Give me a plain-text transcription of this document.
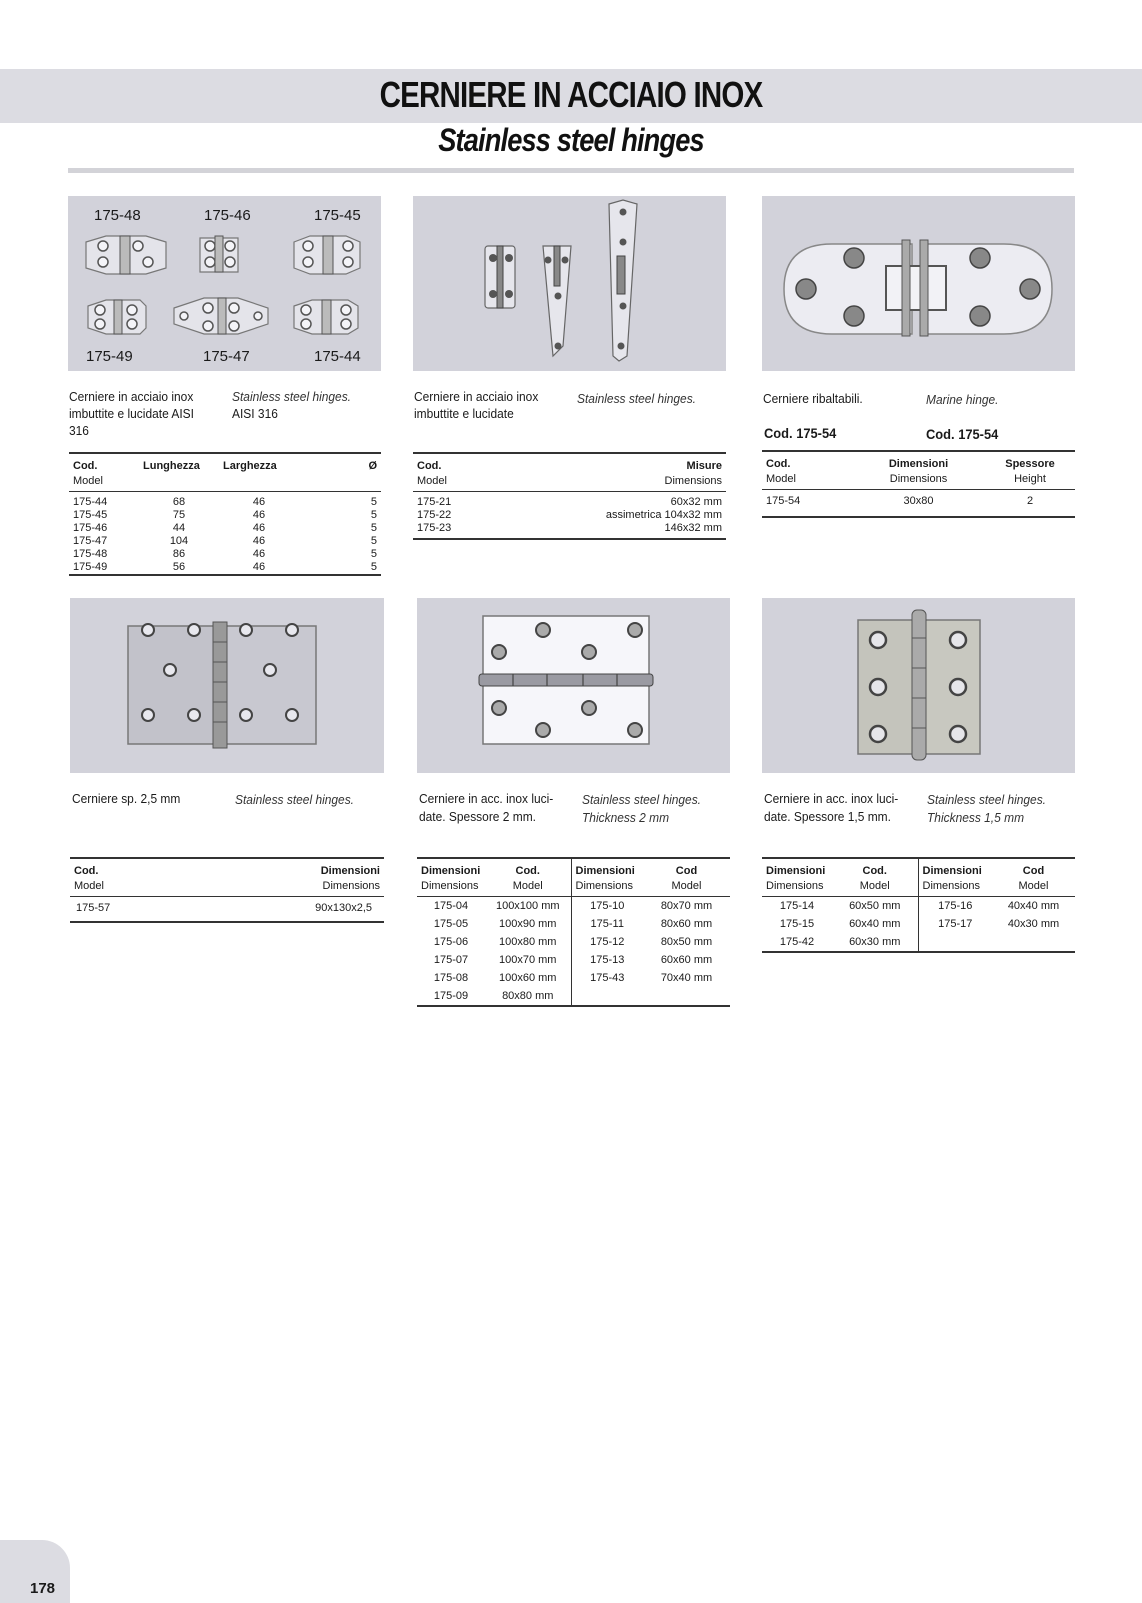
CERNIERE IN ACCIAIO INOX
Stainless steel hinges
175-48	175-46	175-45
175-49	175-47	175-44
Cerniere in acciaio inox imbuttite e lucidate AISI 316
Stainless steel hinges.
AISI 316
Cod.	Lunghezza	Larghezza	Ø
Model			

175-44	68	46	5
175-45	75	46	5
175-46	44	46	5
175-47	104	46	5
175-48	86	46	5
175-49	56	46	5
Cerniere in acciaio inox imbuttite e lucidate
Stainless steel hinges.
Cod.	Misure
Model	Dimensions

175-21	60x32 mm
175-22	assimetrica 104x32 mm
175-23	146x32 mm
Cerniere ribaltabili.	Marine hinge.
Cod. 175-54	Cod. 175-54
Cod.	Dimensioni	Spessore
Model	Dimensions	Height
175-54	30x80	2
Cerniere sp. 2,5 mm	Stainless steel hinges.
Cod.	Dimensioni
Model	Dimensions
175-57	90x130x2,5
Cerniere in acc. inox luci-
date. Spessore 2 mm.
Stainless steel hinges.
Thickness 2 mm
Dimensioni	Cod.	Dimensioni	Cod
Dimensions	Model	Dimensions	Model
175-04	100x100 mm	175-10	80x70 mm
175-05	100x90 mm	175-11	80x60 mm
175-06	100x80 mm	175-12	80x50 mm
175-07	100x70 mm	175-13	60x60 mm
175-08	100x60 mm	175-43	70x40 mm
175-09	80x80 mm		
Cerniere in acc. inox luci-
date. Spessore 1,5 mm.
Stainless steel hinges.
Thickness 1,5 mm
Dimensioni	Cod.	Dimensioni	Cod
Dimensions	Model	Dimensions	Model
175-14	60x50 mm	175-16	40x40 mm
175-15	60x40 mm	175-17	40x30 mm
175-42	60x30 mm		
178
